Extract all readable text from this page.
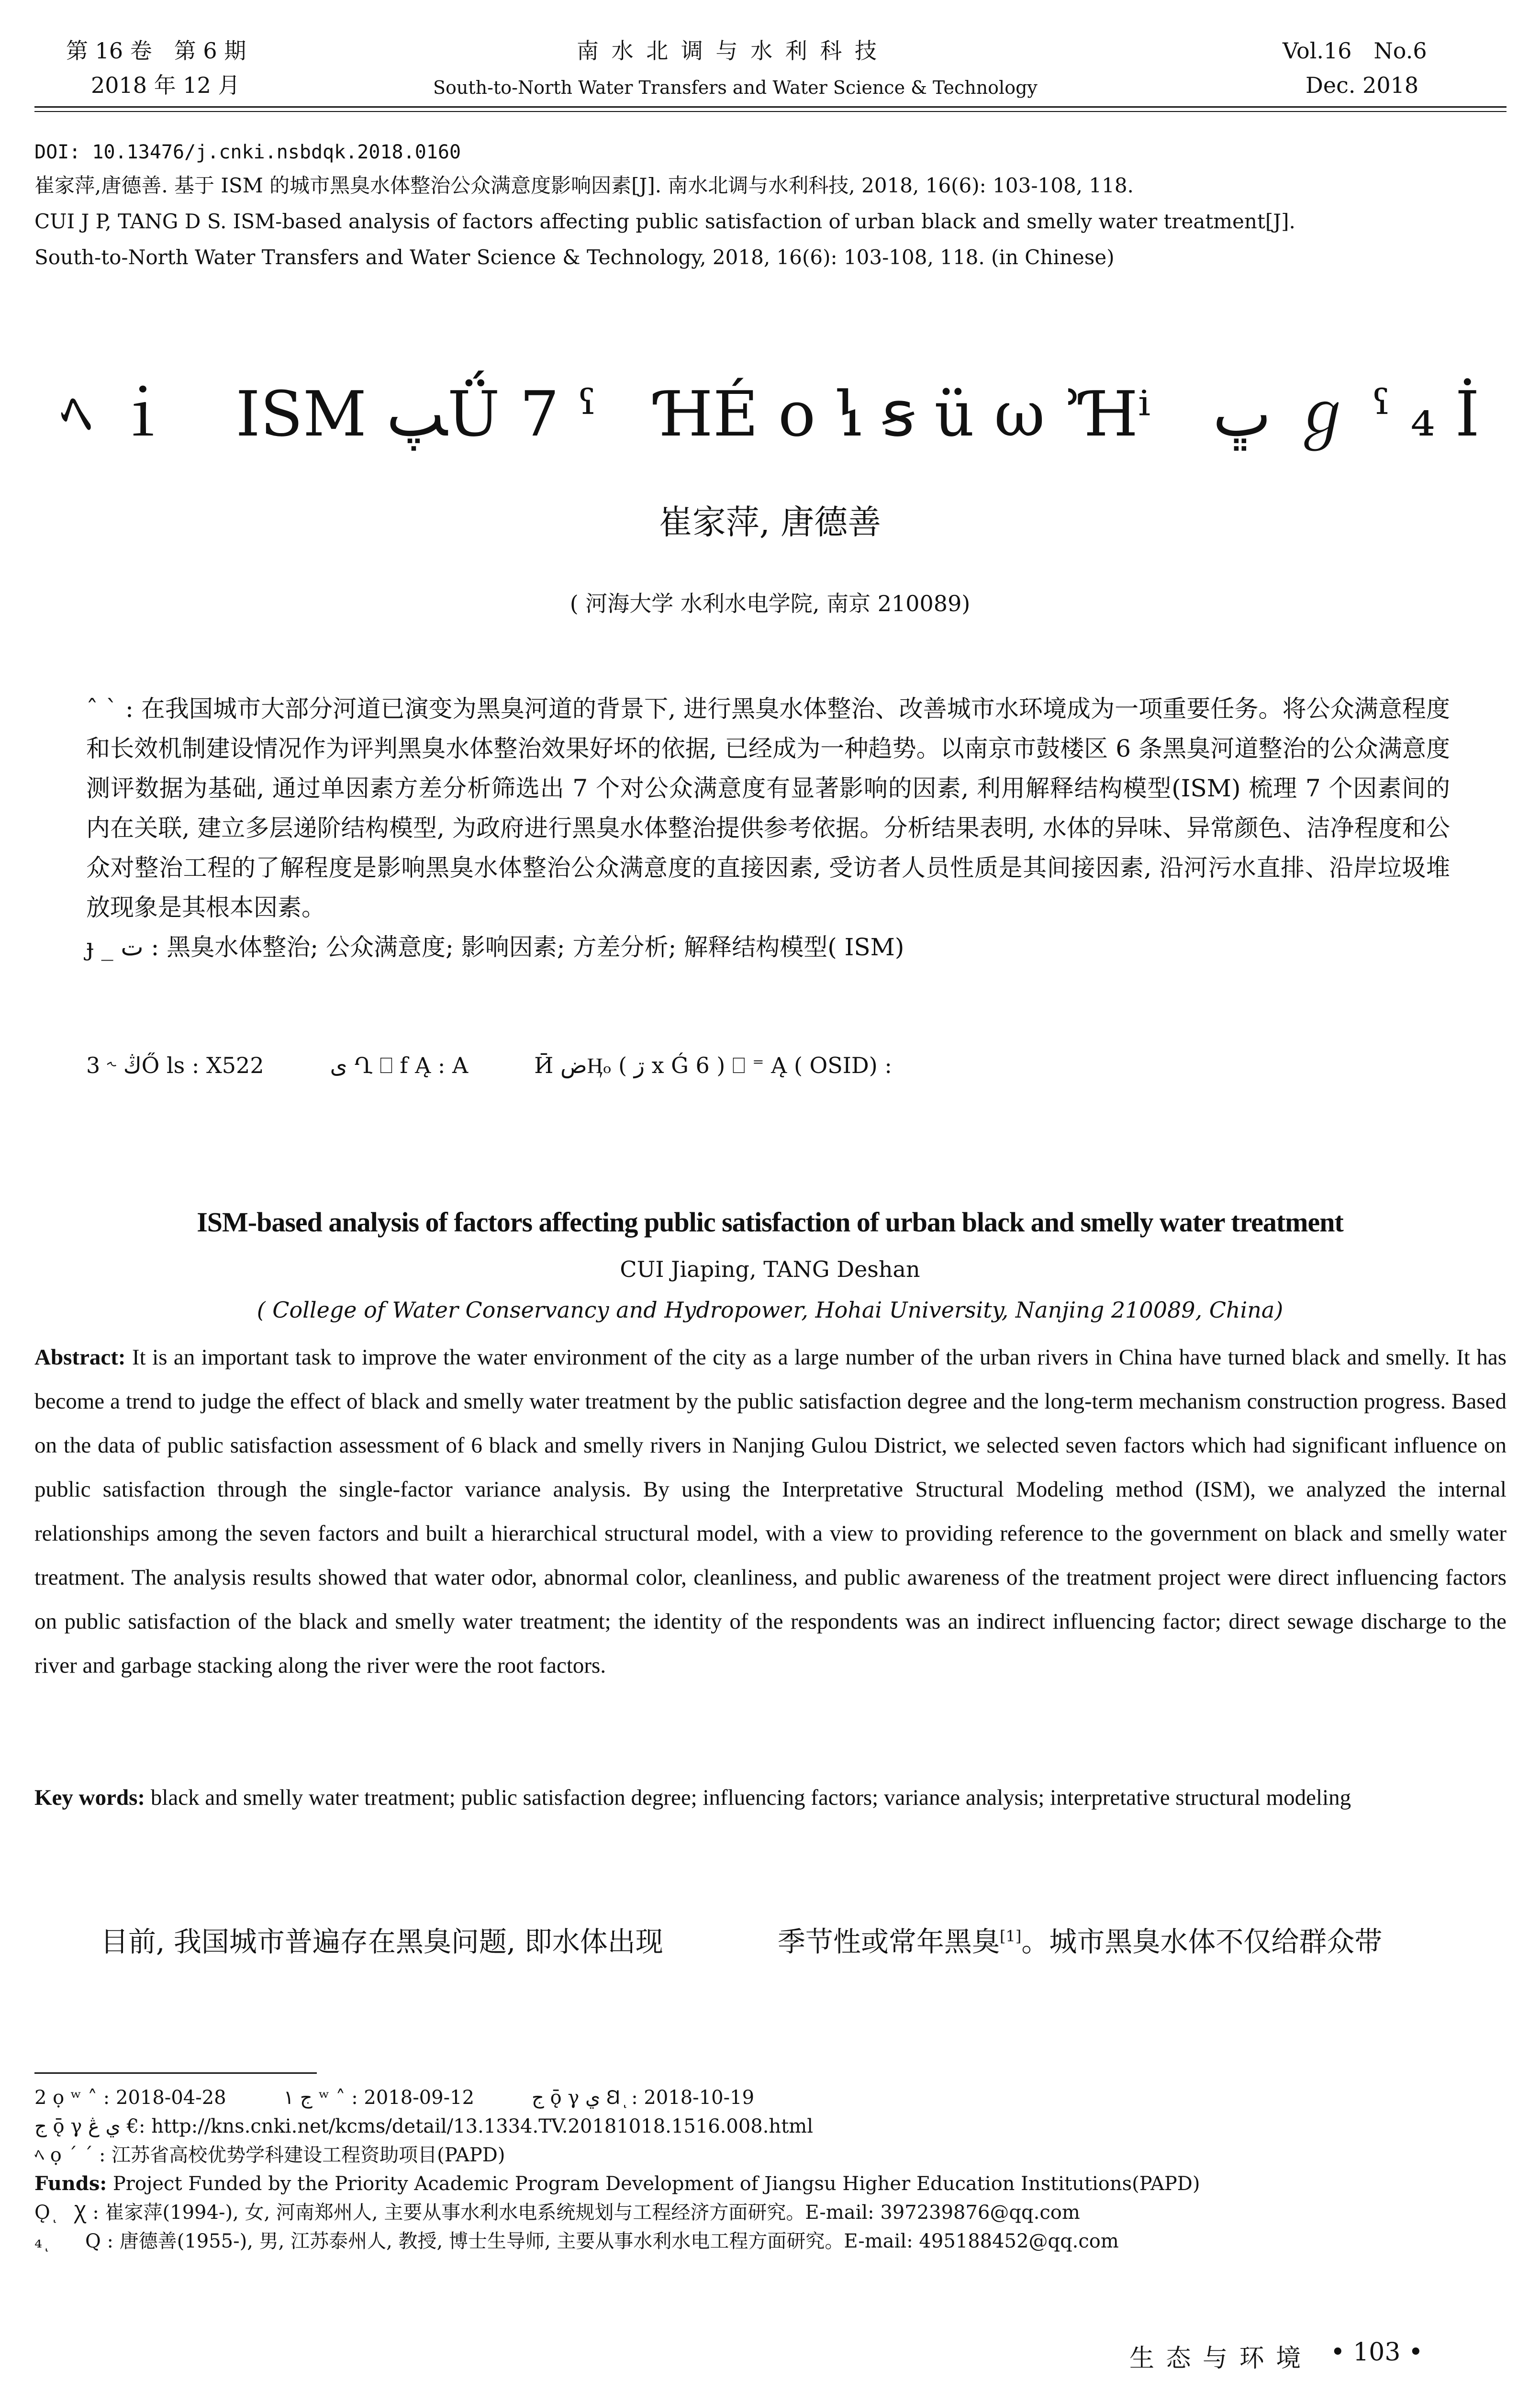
第 16 卷　第 6 期
2018 年 12 月
南 水 北 调 与 水 利 科 技
South-to-North Water Transfers and Water Science & Technology
Vol.16　No.6
Dec. 2018
DOI: 10.13476/j.cnki.nsbdqk.2018.0160
崔家萍,唐德善. 基于 ISM 的城市黑臭水体整治公众满意度影响因素[J]. 南水北调与水利科技, 2018, 16(6): 103-108, 118.
CUI J P, TANG D S. ISM-based analysis of factors affecting public satisfaction of urban black and smelly water treatment[J].
South-to-North Water Transfers and Water Science & Technology, 2018, 16(6): 103-108, 118. (in Chinese)
ﾍ ｉ　ISM ﭗǗ 7 ˤ　ꞪÉ o ꝇ ꞩ ü ω ʾꞪⁱ　ڀ ℊ ˁ ₄ İ
崔家萍, 唐德善
( 河海大学 水利水电学院, 南京 210089)
ˆ ˋ : 在我国城市大部分河道已演变为黑臭河道的背景下, 进行黑臭水体整治、改善城市水环境成为一项重要任务。将公众满意程度和长效机制建设情况作为评判黑臭水体整治效果好坏的依据, 已经成为一种趋势。以南京市鼓楼区 6 条黑臭河道整治的公众满意度测评数据为基础, 通过单因素方差分析筛选出 7 个对公众满意度有显著影响的因素, 利用解释结构模型(ISM) 梳理 7 个因素间的内在关联, 建立多层递阶结构模型, 为政府进行黑臭水体整治提供参考依据。分析结果表明, 水体的异味、异常颜色、洁净程度和公众对整治工程的了解程度是影响黑臭水体整治公众满意度的直接因素, 受访者人员性质是其间接因素, 沿河污水直排、沿岸垃圾堆放现象是其根本因素。
ɟ _ ت : 黑臭水体整治; 公众满意度; 影响因素; 方差分析; 解释结构模型( ISM)
3 ˞ ڭŐ ls : X522　　　ى Ղ ⎕ f Ą : A　　　Ӣ ضӉₒ ( ڗ x Ǵ 6 ) ⎕ ⁼ Ą ( OSID) :
ISM-based analysis of factors affecting public satisfaction of urban black and smelly water treatment
CUI Jiaping, TANG Deshan
( College of Water Conservancy and Hydropower, Hohai University, Nanjing 210089, China)
Abstract: It is an important task to improve the water environment of the city as a large number of the urban rivers in China have turned black and smelly. It has become a trend to judge the effect of black and smelly water treatment by the public satisfaction degree and the long-term mechanism construction progress. Based on the data of public satisfaction assessment of 6 black and smelly rivers in Nanjing Gulou District, we selected seven factors which had significant influence on public satisfaction through the single-factor variance analysis. By using the Interpretative Structural Modeling method (ISM), we analyzed the internal relationships among the seven factors and built a hierarchical structural model, with a view to providing reference to the government on black and smelly water treatment. The analysis results showed that water odor, abnormal color, cleanliness, and public awareness of the treatment project were direct influencing factors on public satisfaction of the black and smelly water treatment; the identity of the respondents was an indirect influencing factor; direct sewage discharge to the river and garbage stacking along the river were the root factors.
Key words: black and smelly water treatment; public satisfaction degree; influencing factors; variance analysis; interpretative structural modeling
目前, 我国城市普遍存在黑臭问题, 即水体出现	季节性或常年黑臭[1]。城市黑臭水体不仅给群众带
2 ọ ʷ ˄ : 2018-04-28　　　ج ١ ʷ ˄ : 2018-09-12　　　ج ǭ γ ي Ꞛ ͅ : 2018-10-19
ج ǭ γ ي ڠ €: http://kns.cnki.net/kcms/detail/13.1334.TV.20181018.1516.008.html
ﾍ ọ ˊ ˊ : 江苏省高校优势学科建设工程资助项目(PAPD)
Funds: Project Funded by the Priority Academic Program Development of Jiangsu Higher Education Institutions(PAPD)
Ǫ ͅ　Ꭓ : 崔家萍(1994-), 女, 河南郑州人, 主要从事水利水电系统规划与工程经济方面研究。E-mail: 397239876@qq.com
₄ ͅ　　Q : 唐德善(1955-), 男, 江苏泰州人, 教授, 博士生导师, 主要从事水利水电工程方面研究。E-mail: 495188452@qq.com
生 态 与 环 境 • 103 •
